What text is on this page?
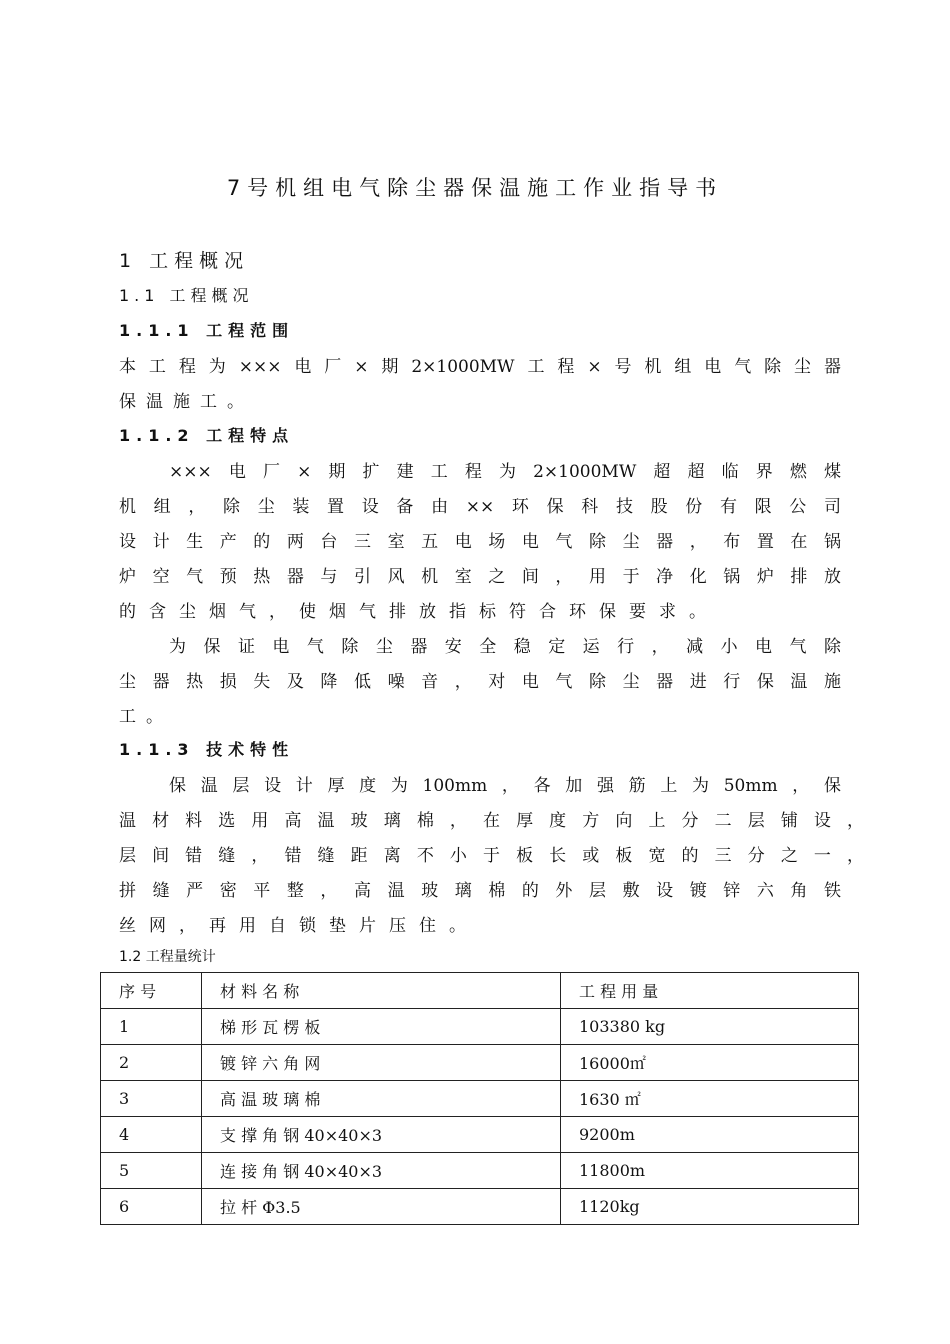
7号机组电气除尘器保温施工作业指导书
1 工程概况
1.1 工程概况
1.1.1 工程范围
本工程为×××电厂×期2×1000MW工程×号机组电气除尘器
保温施工。
1.1.2 工程特点
×××电厂×期扩建工程为2×1000MW超超临界燃煤
机组，除尘装置设备由××环保科技股份有限公司
设计生产的两台三室五电场电气除尘器，布置在锅
炉空气预热器与引风机室之间，用于净化锅炉排放
的含尘烟气，使烟气排放指标符合环保要求。
为保证电气除尘器安全稳定运行，减小电气除
尘器热损失及降低噪音，对电气除尘器进行保温施
工。
1.1.3 技术特性
保温层设计厚度为100mm，各加强筋上为50mm，保
温材料选用高温玻璃棉，在厚度方向上分二层铺设，
层间错缝，错缝距离不小于板长或板宽的三分之一，
拼缝严密平整，高温玻璃棉的外层敷设镀锌六角铁
丝网，再用自锁垫片压住。
1.2 工程量统计
序 号	材 料 名 称	工 程 用 量
1	梯 形 瓦 楞 板	103380 kg
2	镀 锌 六 角 网	16000㎡
3	高 温 玻 璃 棉	1630 ㎡
4	支 撑 角 钢 40×40×3	9200m
5	连 接 角 钢 40×40×3	11800m
6	拉 杆 Φ3.5	1120kg
